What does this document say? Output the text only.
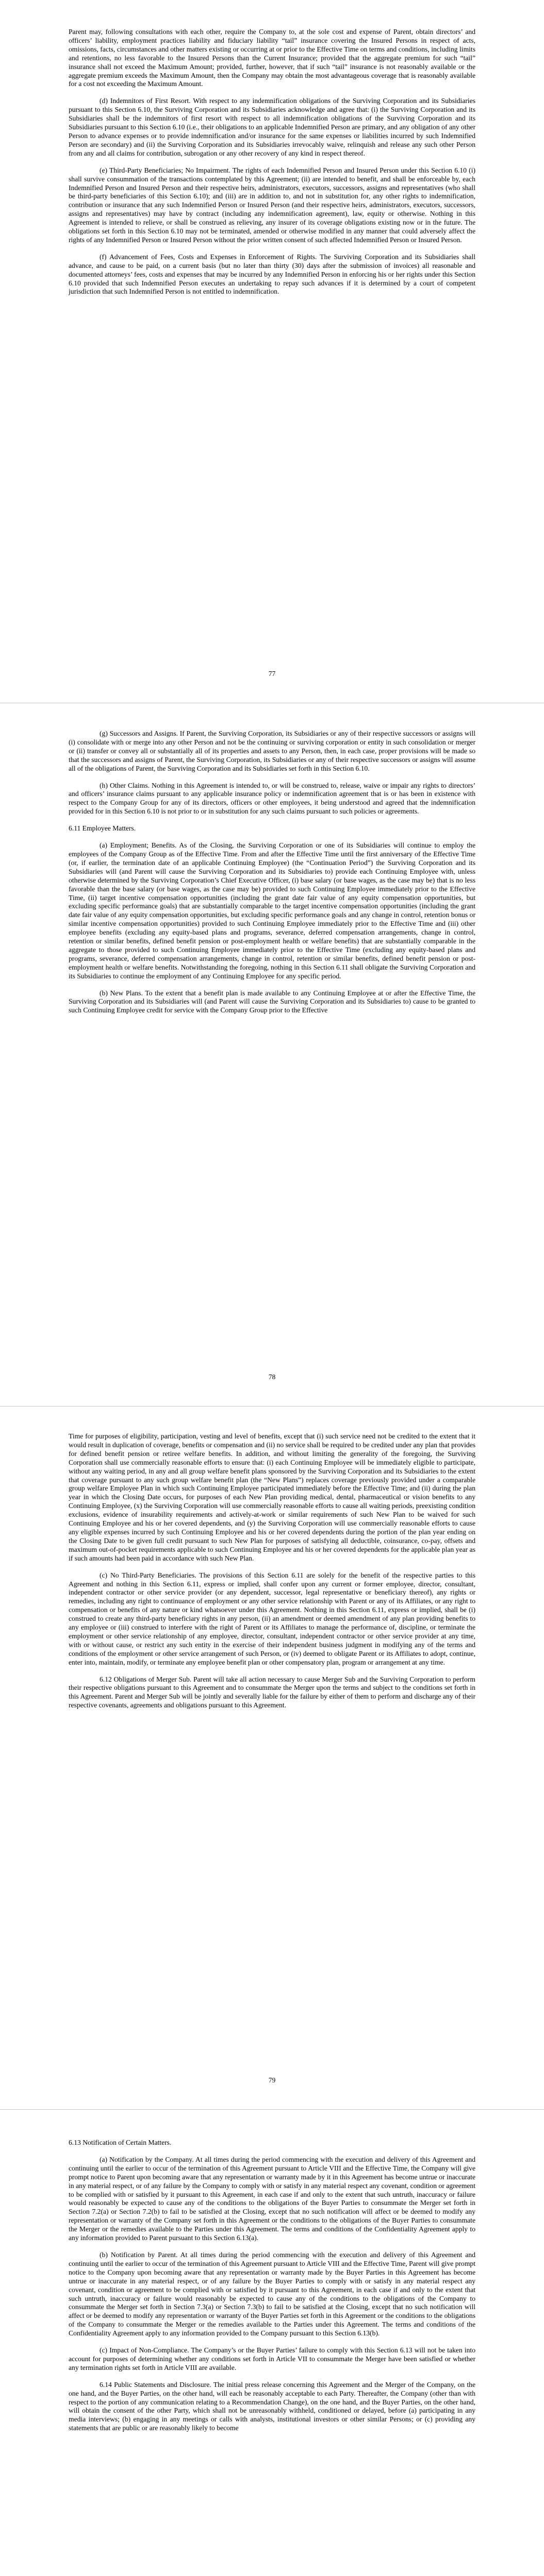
Parent may, following consultations with each other, require the Company to, at the sole cost and expense of Parent, obtain directors’ and officers’ liability, employment practices liability and fiduciary liability “tail” insurance covering the Insured Persons in respect of acts, omissions, facts, circumstances and other matters existing or occurring at or prior to the Effective Time on terms and conditions, including limits and retentions, no less favorable to the Insured Persons than the Current Insurance; provided that the aggregate premium for such “tail” insurance shall not exceed the Maximum Amount; provided, further, however, that if such “tail” insurance is not reasonably available or the aggregate premium exceeds the Maximum Amount, then the Company may obtain the most advantageous coverage that is reasonably available for a cost not exceeding the Maximum Amount.

(d) Indemnitors of First Resort. With respect to any indemnification obligations of the Surviving Corporation and its Subsidiaries pursuant to this Section 6.10, the Surviving Corporation and its Subsidiaries acknowledge and agree that: (i) the Surviving Corporation and its Subsidiaries shall be the indemnitors of first resort with respect to all indemnification obligations of the Surviving Corporation and its Subsidiaries pursuant to this Section 6.10 (i.e., their obligations to an applicable Indemnified Person are primary, and any obligation of any other Person to advance expenses or to provide indemnification and/or insurance for the same expenses or liabilities incurred by such Indemnified Person are secondary) and (ii) the Surviving Corporation and its Subsidiaries irrevocably waive, relinquish and release any such other Person from any and all claims for contribution, subrogation or any other recovery of any kind in respect thereof.

(e) Third-Party Beneficiaries; No Impairment. The rights of each Indemnified Person and Insured Person under this Section 6.10 (i) shall survive consummation of the transactions contemplated by this Agreement; (ii) are intended to benefit, and shall be enforceable by, each Indemnified Person and Insured Person and their respective heirs, administrators, executors, successors, assigns and representatives (who shall be third-party beneficiaries of this Section 6.10); and (iii) are in addition to, and not in substitution for, any other rights to indemnification, contribution or insurance that any such Indemnified Person or Insured Person (and their respective heirs, administrators, executors, successors, assigns and representatives) may have by contract (including any indemnification agreement), law, equity or otherwise. Nothing in this Agreement is intended to relieve, or shall be construed as relieving, any insurer of its coverage obligations existing now or in the future. The obligations set forth in this Section 6.10 may not be terminated, amended or otherwise modified in any manner that could adversely affect the rights of any Indemnified Person or Insured Person without the prior written consent of such affected Indemnified Person or Insured Person.

(f) Advancement of Fees, Costs and Expenses in Enforcement of Rights. The Surviving Corporation and its Subsidiaries shall advance, and cause to be paid, on a current basis (but no later than thirty (30) days after the submission of invoices) all reasonable and documented attorneys’ fees, costs and expenses that may be incurred by any Indemnified Person in enforcing his or her rights under this Section 6.10 provided that such Indemnified Person executes an undertaking to repay such advances if it is determined by a court of competent jurisdiction that such Indemnified Person is not entitled to indemnification.

77

(g) Successors and Assigns. If Parent, the Surviving Corporation, its Subsidiaries or any of their respective successors or assigns will (i) consolidate with or merge into any other Person and not be the continuing or surviving corporation or entity in such consolidation or merger or (ii) transfer or convey all or substantially all of its properties and assets to any Person, then, in each case, proper provisions will be made so that the successors and assigns of Parent, the Surviving Corporation, its Subsidiaries or any of their respective successors or assigns will assume all of the obligations of Parent, the Surviving Corporation and its Subsidiaries set forth in this Section 6.10.

(h) Other Claims. Nothing in this Agreement is intended to, or will be construed to, release, waive or impair any rights to directors’ and officers’ insurance claims pursuant to any applicable insurance policy or indemnification agreement that is or has been in existence with respect to the Company Group for any of its directors, officers or other employees, it being understood and agreed that the indemnification provided for in this Section 6.10 is not prior to or in substitution for any such claims pursuant to such policies or agreements.

6.11 Employee Matters.

(a) Employment; Benefits. As of the Closing, the Surviving Corporation or one of its Subsidiaries will continue to employ the employees of the Company Group as of the Effective Time. From and after the Effective Time until the first anniversary of the Effective Time (or, if earlier, the termination date of an applicable Continuing Employee) (the “Continuation Period”) the Surviving Corporation and its Subsidiaries will (and Parent will cause the Surviving Corporation and its Subsidiaries to) provide each Continuing Employee with, unless otherwise determined by the Surviving Corporation’s Chief Executive Officer, (i) base salary (or base wages, as the case may be) that is no less favorable than the base salary (or base wages, as the case may be) provided to such Continuing Employee immediately prior to the Effective Time, (ii) target incentive compensation opportunities (including the grant date fair value of any equity compensation opportunities, but excluding specific performance goals) that are substantially comparable to the target incentive compensation opportunities (including the grant date fair value of any equity compensation opportunities, but excluding specific performance goals and any change in control, retention bonus or similar incentive compensation opportunities) provided to such Continuing Employee immediately prior to the Effective Time and (iii) other employee benefits (excluding any equity-based plans and programs, severance, deferred compensation arrangements, change in control, retention or similar benefits, defined benefit pension or post-employment health or welfare benefits) that are substantially comparable in the aggregate to those provided to such Continuing Employee immediately prior to the Effective Time (excluding any equity-based plans and programs, severance, deferred compensation arrangements, change in control, retention or similar benefits, defined benefit pension or post-employment health or welfare benefits. Notwithstanding the foregoing, nothing in this Section 6.11 shall obligate the Surviving Corporation and its Subsidiaries to continue the employment of any Continuing Employee for any specific period.

(b) New Plans. To the extent that a benefit plan is made available to any Continuing Employee at or after the Effective Time, the Surviving Corporation and its Subsidiaries will (and Parent will cause the Surviving Corporation and its Subsidiaries to) cause to be granted to such Continuing Employee credit for service with the Company Group prior to the Effective

78

Time for purposes of eligibility, participation, vesting and level of benefits, except that (i) such service need not be credited to the extent that it would result in duplication of coverage, benefits or compensation and (ii) no service shall be required to be credited under any plan that provides for defined benefit pension or retiree welfare benefits. In addition, and without limiting the generality of the foregoing, the Surviving Corporation shall use commercially reasonable efforts to ensure that: (i) each Continuing Employee will be immediately eligible to participate, without any waiting period, in any and all group welfare benefit plans sponsored by the Surviving Corporation and its Subsidiaries to the extent that coverage pursuant to any such group welfare benefit plan (the “New Plans”) replaces coverage previously provided under a comparable group welfare Employee Plan in which such Continuing Employee participated immediately before the Effective Time; and (ii) during the plan year in which the Closing Date occurs, for purposes of each New Plan providing medical, dental, pharmaceutical or vision benefits to any Continuing Employee, (x) the Surviving Corporation will use commercially reasonable efforts to cause all waiting periods, preexisting condition exclusions, evidence of insurability requirements and actively-at-work or similar requirements of such New Plan to be waived for such Continuing Employee and his or her covered dependents, and (y) the Surviving Corporation will use commercially reasonable efforts to cause any eligible expenses incurred by such Continuing Employee and his or her covered dependents during the portion of the plan year ending on the Closing Date to be given full credit pursuant to such New Plan for purposes of satisfying all deductible, coinsurance, co-pay, offsets and maximum out-of-pocket requirements applicable to such Continuing Employee and his or her covered dependents for the applicable plan year as if such amounts had been paid in accordance with such New Plan.

(c) No Third-Party Beneficiaries. The provisions of this Section 6.11 are solely for the benefit of the respective parties to this Agreement and nothing in this Section 6.11, express or implied, shall confer upon any current or former employee, director, consultant, independent contractor or other service provider (or any dependent, successor, legal representative or beneficiary thereof), any rights or remedies, including any right to continuance of employment or any other service relationship with Parent or any of its Affiliates, or any right to compensation or benefits of any nature or kind whatsoever under this Agreement. Nothing in this Section 6.11, express or implied, shall be (i) construed to create any third-party beneficiary rights in any person, (ii) an amendment or deemed amendment of any plan providing benefits to any employee or (iii) construed to interfere with the right of Parent or its Affiliates to manage the performance of, discipline, or terminate the employment or other service relationship of any employee, director, consultant, independent contractor or other service provider at any time, with or without cause, or restrict any such entity in the exercise of their independent business judgment in modifying any of the terms and conditions of the employment or other service arrangement of such Person, or (iv) deemed to obligate Parent or its Affiliates to adopt, continue, enter into, maintain, modify, or terminate any employee benefit plan or other compensatory plan, program or arrangement at any time.

6.12 Obligations of Merger Sub. Parent will take all action necessary to cause Merger Sub and the Surviving Corporation to perform their respective obligations pursuant to this Agreement and to consummate the Merger upon the terms and subject to the conditions set forth in this Agreement. Parent and Merger Sub will be jointly and severally liable for the failure by either of them to perform and discharge any of their respective covenants, agreements and obligations pursuant to this Agreement.

79

6.13 Notification of Certain Matters.

(a) Notification by the Company. At all times during the period commencing with the execution and delivery of this Agreement and continuing until the earlier to occur of the termination of this Agreement pursuant to Article VIII and the Effective Time, the Company will give prompt notice to Parent upon becoming aware that any representation or warranty made by it in this Agreement has become untrue or inaccurate in any material respect, or of any failure by the Company to comply with or satisfy in any material respect any covenant, condition or agreement to be complied with or satisfied by it pursuant to this Agreement, in each case if and only to the extent that such untruth, inaccuracy or failure would reasonably be expected to cause any of the conditions to the obligations of the Buyer Parties to consummate the Merger set forth in Section 7.2(a) or Section 7.2(b) to fail to be satisfied at the Closing, except that no such notification will affect or be deemed to modify any representation or warranty of the Company set forth in this Agreement or the conditions to the obligations of the Buyer Parties to consummate the Merger or the remedies available to the Parties under this Agreement. The terms and conditions of the Confidentiality Agreement apply to any information provided to Parent pursuant to this Section 6.13(a).

(b) Notification by Parent. At all times during the period commencing with the execution and delivery of this Agreement and continuing until the earlier to occur of the termination of this Agreement pursuant to Article VIII and the Effective Time, Parent will give prompt notice to the Company upon becoming aware that any representation or warranty made by the Buyer Parties in this Agreement has become untrue or inaccurate in any material respect, or of any failure by the Buyer Parties to comply with or satisfy in any material respect any covenant, condition or agreement to be complied with or satisfied by it pursuant to this Agreement, in each case if and only to the extent that such untruth, inaccuracy or failure would reasonably be expected to cause any of the conditions to the obligations of the Company to consummate the Merger set forth in Section 7.3(a) or Section 7.3(b) to fail to be satisfied at the Closing, except that no such notification will affect or be deemed to modify any representation or warranty of the Buyer Parties set forth in this Agreement or the conditions to the obligations of the Company to consummate the Merger or the remedies available to the Parties under this Agreement. The terms and conditions of the Confidentiality Agreement apply to any information provided to the Company pursuant to this Section 6.13(b).

(c) Impact of Non-Compliance. The Company’s or the Buyer Parties’ failure to comply with this Section 6.13 will not be taken into account for purposes of determining whether any conditions set forth in Article VII to consummate the Merger have been satisfied or whether any termination rights set forth in Article VIII are available.

6.14 Public Statements and Disclosure. The initial press release concerning this Agreement and the Merger of the Company, on the one hand, and the Buyer Parties, on the other hand, will each be reasonably acceptable to each Party. Thereafter, the Company (other than with respect to the portion of any communication relating to a Recommendation Change), on the one hand, and the Buyer Parties, on the other hand, will obtain the consent of the other Party, which shall not be unreasonably withheld, conditioned or delayed, before (a) participating in any media interviews; (b) engaging in any meetings or calls with analysts, institutional investors or other similar Persons; or (c) providing any statements that are public or are reasonably likely to become
